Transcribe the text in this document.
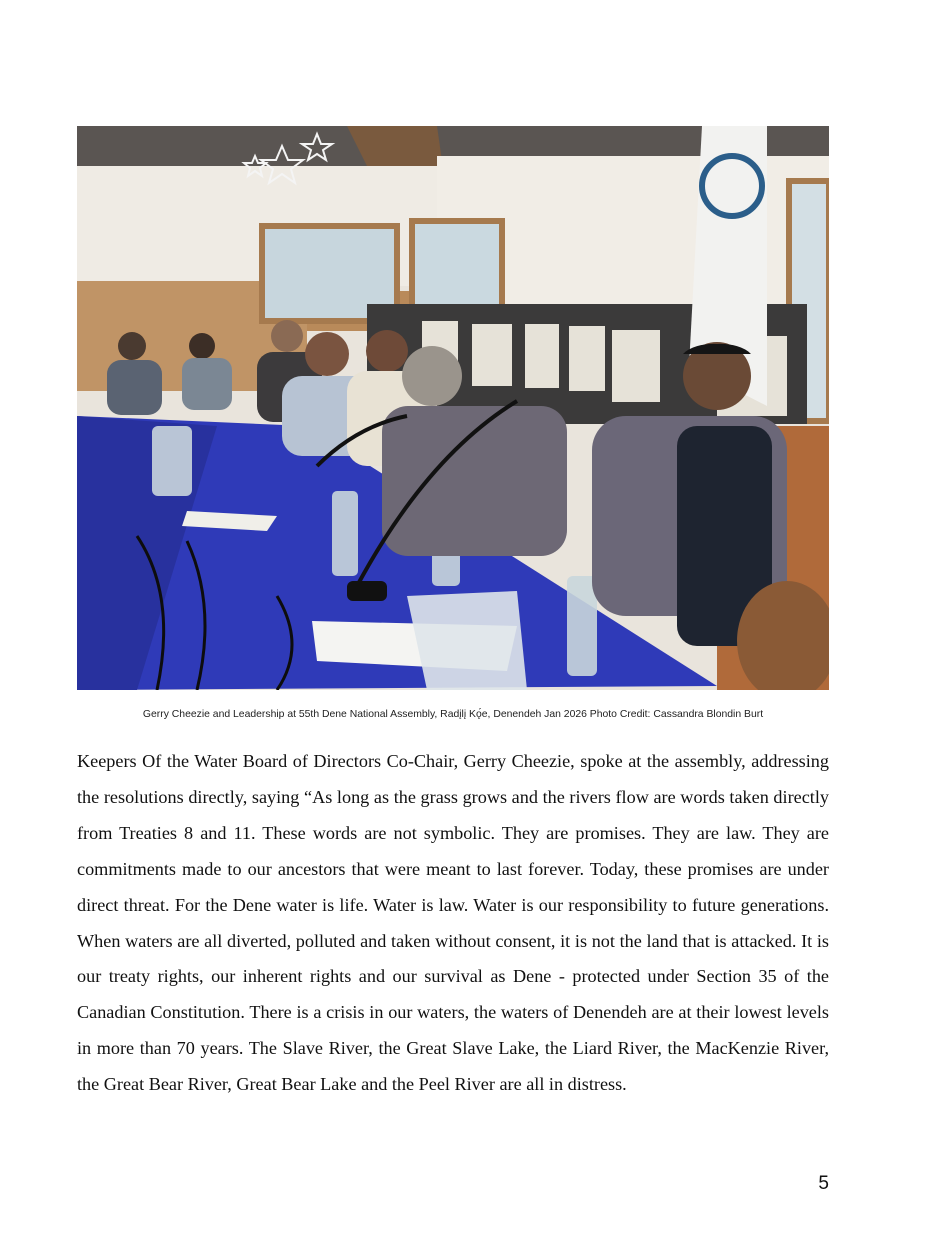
Gerry Cheezie and Leadership at 55th Dene National Assembly, Radįlį Kǫ́e, Denendeh Jan 2026 Photo Credit: Cassandra Blondin Burt

Keepers Of the Water Board of Directors Co-Chair, Gerry Cheezie, spoke at the assembly, addressing the resolutions directly, saying “As long as the grass grows and the rivers flow are words taken directly from Treaties 8 and 11. These words are not symbolic. They are promises. They are law. They are commitments made to our ancestors that were meant to last forever. Today, these promises are under direct threat. For the Dene water is life. Water is law. Water is our responsibility to future generations. When waters are all diverted, polluted and taken without consent, it is not the land that is attacked. It is our treaty rights, our inherent rights and our survival as Dene - protected under Section 35 of the Canadian Constitution. There is a crisis in our waters, the waters of Denendeh are at their lowest levels in more than 70 years. The Slave River, the Great Slave Lake, the Liard River, the MacKenzie River, the Great Bear River, Great Bear Lake and the Peel River are all in distress.

5
